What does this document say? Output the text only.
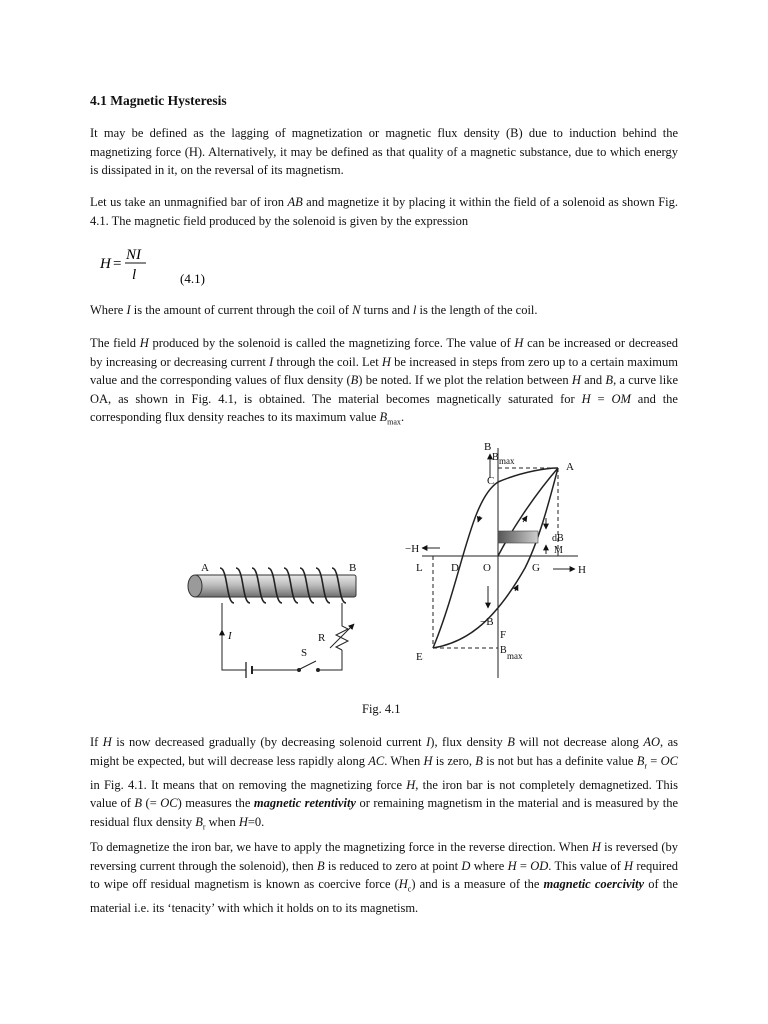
4.1 Magnetic Hysteresis
It may be defined as the lagging of magnetization or magnetic flux density (B) due to induction behind the magnetizing force (H). Alternatively, it may be defined as that quality of a magnetic substance, due to which energy is dissipated in it, on the reversal of its magnetism.
Let us take an unmagnified bar of iron AB and magnetize it by placing it within the field of a solenoid as shown Fig. 4.1. The magnetic field produced by the solenoid is given by the expression
H =
NI
l	(4.1)
Where I is the amount of current through the coil of N turns and l is the length of the coil.
The field H produced by the solenoid is called the magnetizing force. The value of H can be increased or decreased by increasing or decreasing current I through the coil. Let H be increased in steps from zero up to a certain maximum value and the corresponding values of flux density (B) be noted. If we plot the relation between H and B, a curve like OA, as shown in Fig. 4.1, is obtained. The material becomes magnetically saturated for H = OM and the corresponding flux density reaches to its maximum value $B_{max}$.
A	B
I
S
R
B
B max
C
A
−H
H
L	D O	G
−B
F
E
B max
dB
M
Fig. 4.1
If H is now decreased gradually (by decreasing solenoid current I), flux density B will not decrease along AO, as might be expected, but will decrease less rapidly along AC. When H is zero, B is not but has a definite value $B_r$ = OC in Fig. 4.1. It means that on removing the magnetizing force H, the iron bar is not completely demagnetized. This value of B (= OC) measures the magnetic retentivity or remaining magnetism in the material and is measured by the residual flux density $B_r$ when H=0.
To demagnetize the iron bar, we have to apply the magnetizing force in the reverse direction. When H is reversed (by reversing current through the solenoid), then B is reduced to zero at point D where H = OD. This value of H required to wipe off residual magnetism is known as coercive force $(H_c)$ and is a measure of the magnetic coercivity of the material i.e. its ‘tenacity’ with which it holds on to its magnetism.
